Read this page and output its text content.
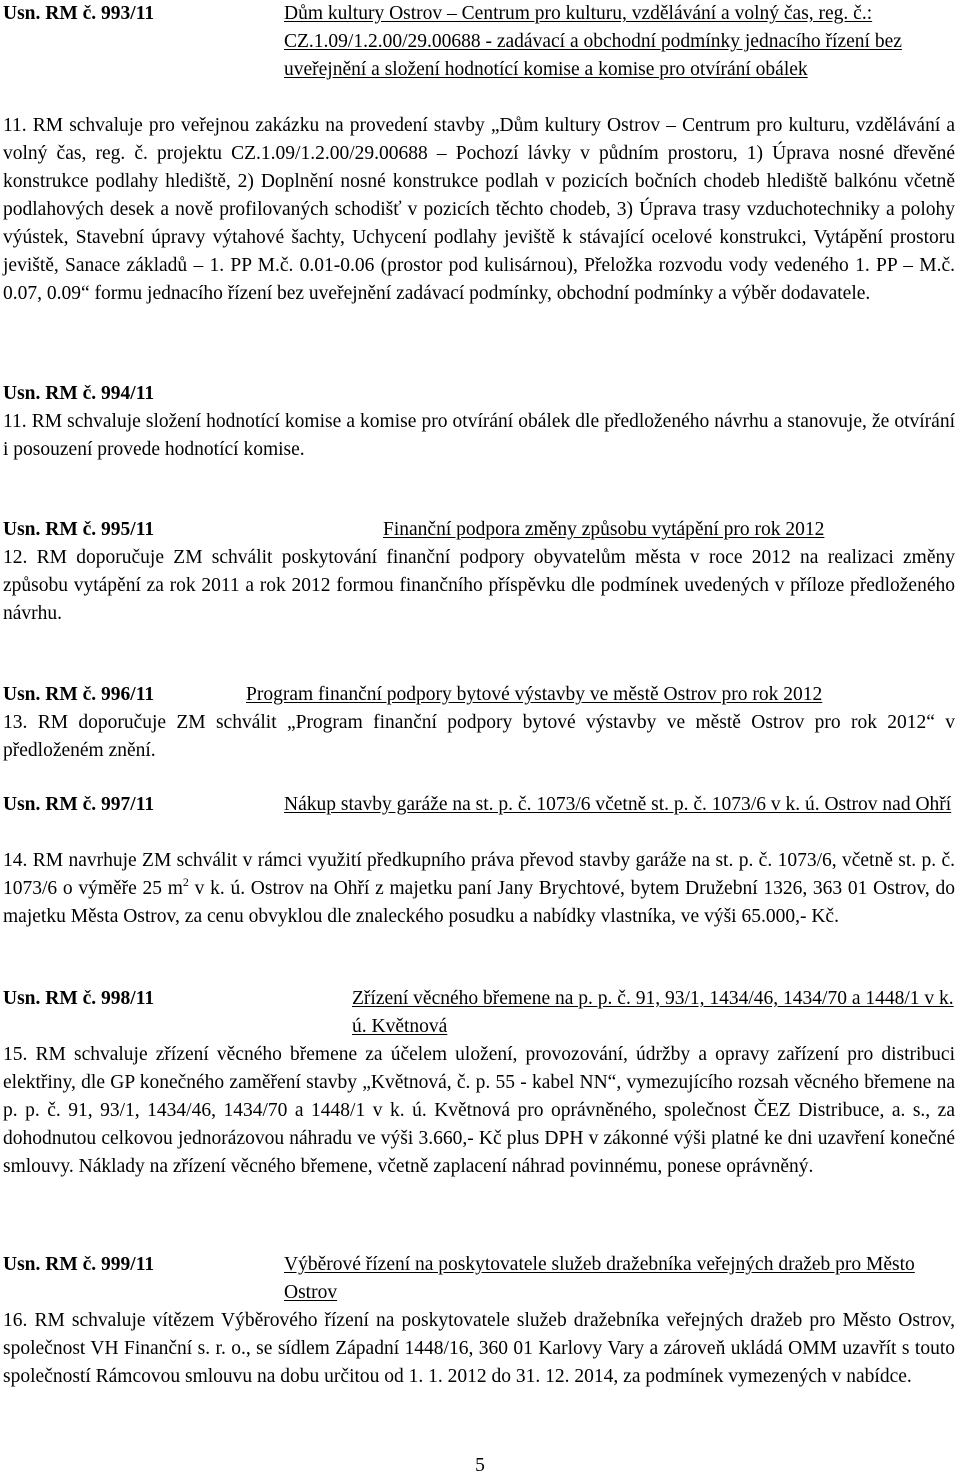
Usn. RM č. 993/11	Dům kultury Ostrov – Centrum pro kulturu, vzdělávání a volný čas, reg. č.: CZ.1.09/1.2.00/29.00688 - zadávací a obchodní podmínky jednacího řízení bez uveřejnění a složení hodnotící komise a komise pro otvírání obálek

11. RM schvaluje pro veřejnou zakázku na provedení stavby „Dům kultury Ostrov – Centrum pro kulturu, vzdělávání a volný čas, reg. č. projektu CZ.1.09/1.2.00/29.00688 – Pochozí lávky v půdním prostoru, 1) Úprava nosné dřevěné konstrukce podlahy hlediště, 2) Doplnění nosné konstrukce podlah v pozicích bočních chodeb hlediště balkónu včetně podlahových desek a nově profilovaných schodišť v pozicích těchto chodeb, 3) Úprava trasy vzduchotechniky a polohy výústek, Stavební úpravy výtahové šachty, Uchycení podlahy jeviště k stávající ocelové konstrukci, Vytápění prostoru jeviště, Sanace základů – 1. PP M.č. 0.01-0.06 (prostor pod kulisárnou), Přeložka rozvodu vody vedeného 1. PP – M.č. 0.07, 0.09“ formu jednacího řízení bez uveřejnění zadávací podmínky, obchodní podmínky a výběr dodavatele.

Usn. RM č. 994/11

11. RM schvaluje složení hodnotící komise a komise pro otvírání obálek dle předloženého návrhu a stanovuje, že otvírání i posouzení provede hodnotící komise.

Usn. RM č. 995/11	Finanční podpora změny způsobu vytápění pro rok 2012

12. RM doporučuje ZM schválit poskytování finanční podpory obyvatelům města v roce 2012 na realizaci změny způsobu vytápění za rok 2011 a rok 2012 formou finančního příspěvku dle podmínek uvedených v příloze předloženého návrhu.

Usn. RM č. 996/11	Program finanční podpory bytové výstavby ve městě Ostrov pro rok 2012

13. RM doporučuje ZM schválit „Program finanční podpory bytové výstavby ve městě Ostrov pro rok 2012“ v předloženém znění.

Usn. RM č. 997/11	Nákup stavby garáže na st. p. č. 1073/6 včetně st. p. č. 1073/6 v k. ú. Ostrov nad Ohří

14. RM navrhuje ZM schválit v rámci využití předkupního práva převod stavby garáže na st. p. č. 1073/6, včetně st. p. č. 1073/6 o výměře 25 $m^2$ v k. ú. Ostrov na Ohří z majetku paní Jany Brychtové, bytem Družební 1326, 363 01 Ostrov, do majetku Města Ostrov, za cenu obvyklou dle znaleckého posudku a nabídky vlastníka, ve výši 65.000,- Kč.

Usn. RM č. 998/11	Zřízení věcného břemene na p. p. č. 91, 93/1, 1434/46, 1434/70 a 1448/1 v k. ú. Květnová

15. RM schvaluje zřízení věcného břemene za účelem uložení, provozování, údržby a opravy zařízení pro distribuci elektřiny, dle GP konečného zaměření stavby „Květnová, č. p. 55 - kabel NN“, vymezujícího rozsah věcného břemene na p. p. č. 91, 93/1, 1434/46, 1434/70 a 1448/1 v k. ú. Květnová pro oprávněného, společnost ČEZ Distribuce, a. s., za dohodnutou celkovou jednorázovou náhradu ve výši 3.660,- Kč plus DPH v zákonné výši platné ke dni uzavření konečné smlouvy. Náklady na zřízení věcného břemene, včetně zaplacení náhrad povinnému, ponese oprávněný.

Usn. RM č. 999/11	Výběrové řízení na poskytovatele služeb dražebníka veřejných dražeb pro Město Ostrov

16. RM schvaluje vítězem Výběrového řízení na poskytovatele služeb dražebníka veřejných dražeb pro Město Ostrov, společnost VH Finanční s. r. o., se sídlem Západní 1448/16, 360 01 Karlovy Vary a zároveň ukládá OMM uzavřít s touto společností Rámcovou smlouvu na dobu určitou od 1. 1. 2012 do 31. 12. 2014, za podmínek vymezených v nabídce.

5
